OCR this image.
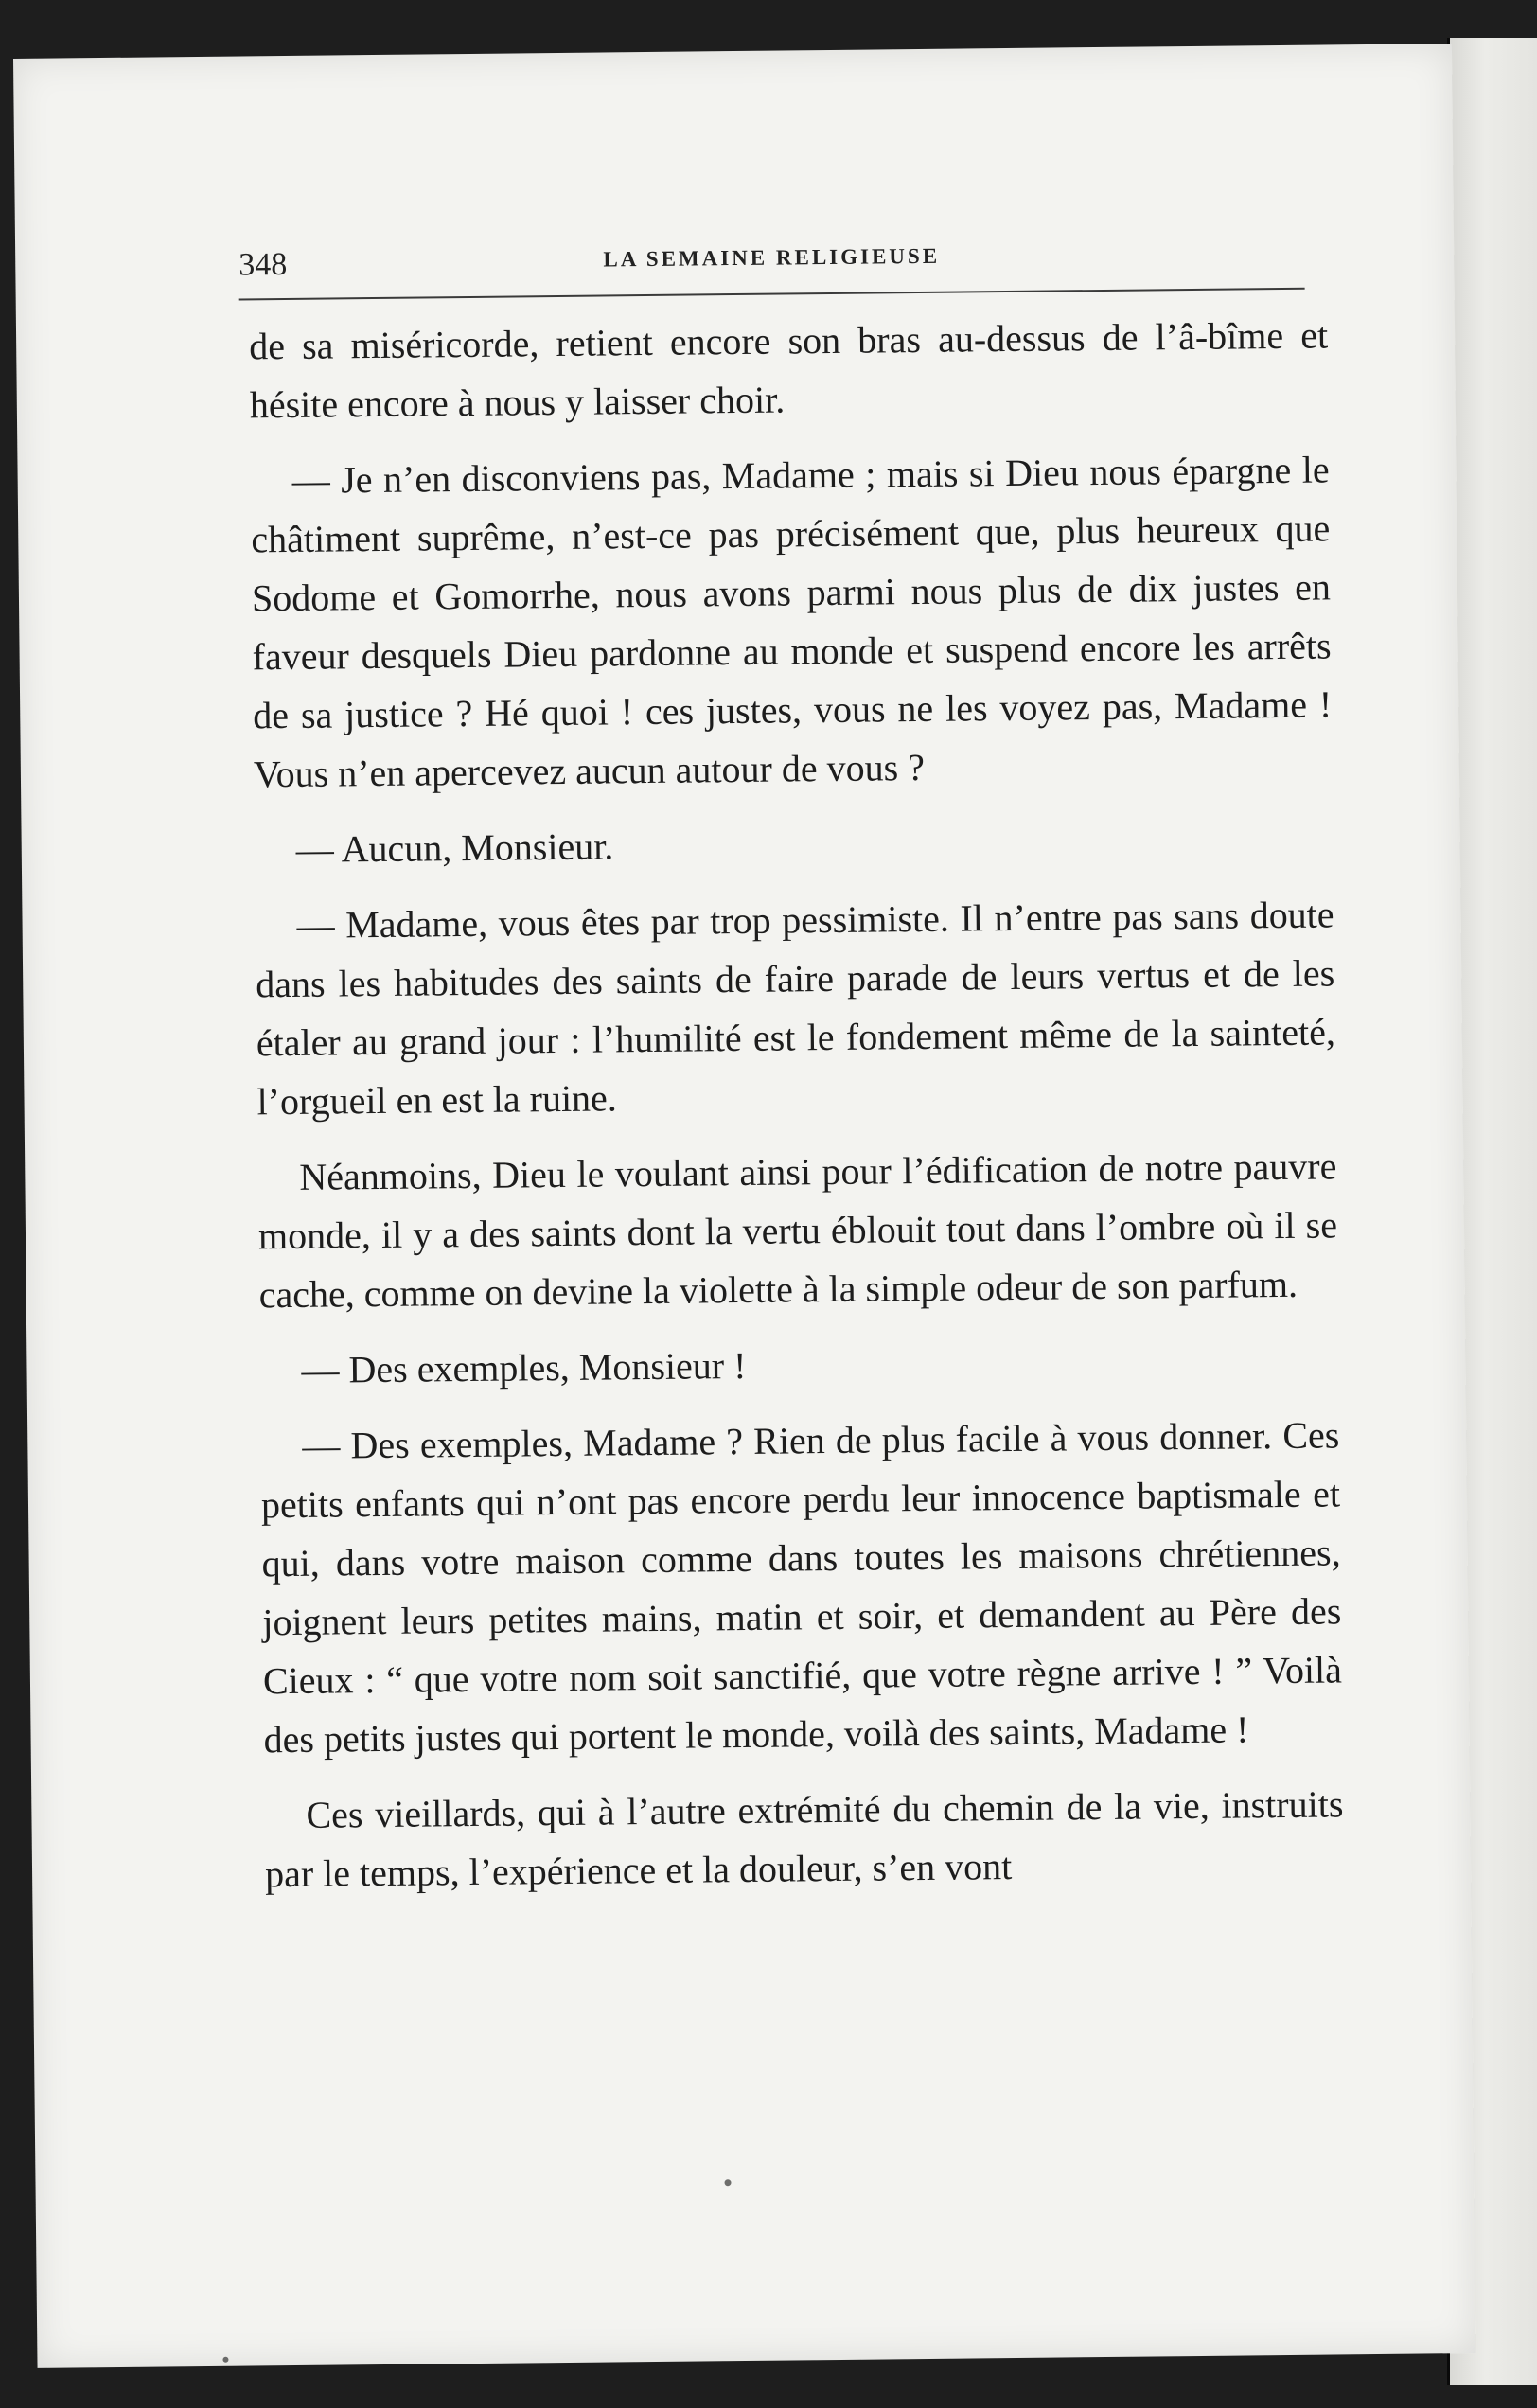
348	LA SEMAINE RELIGIEUSE

de sa miséricorde, retient encore son bras au-dessus de l’â-bîme et hésite encore à nous y laisser choir.

— Je n’en disconviens pas, Madame ; mais si Dieu nous épargne le châtiment suprême, n’est-ce pas précisément que, plus heureux que Sodome et Gomorrhe, nous avons parmi nous plus de dix justes en faveur desquels Dieu pardonne au monde et suspend encore les arrêts de sa justice ? Hé quoi ! ces justes, vous ne les voyez pas, Madame ! Vous n’en apercevez aucun autour de vous ?

— Aucun, Monsieur.

— Madame, vous êtes par trop pessimiste. Il n’entre pas sans doute dans les habitudes des saints de faire parade de leurs vertus et de les étaler au grand jour : l’humilité est le fondement même de la sainteté, l’orgueil en est la ruine.

Néanmoins, Dieu le voulant ainsi pour l’édification de notre pauvre monde, il y a des saints dont la vertu éblouit tout dans l’ombre où il se cache, comme on devine la violette à la simple odeur de son parfum.

— Des exemples, Monsieur !

— Des exemples, Madame ? Rien de plus facile à vous donner. Ces petits enfants qui n’ont pas encore perdu leur innocence baptismale et qui, dans votre maison comme dans toutes les maisons chrétiennes, joignent leurs petites mains, matin et soir, et demandent au Père des Cieux : “ que votre nom soit sanctifié, que votre règne arrive ! ” Voilà des petits justes qui portent le monde, voilà des saints, Madame !

Ces vieillards, qui à l’autre extrémité du chemin de la vie, instruits par le temps, l’expérience et la douleur, s’en vont
